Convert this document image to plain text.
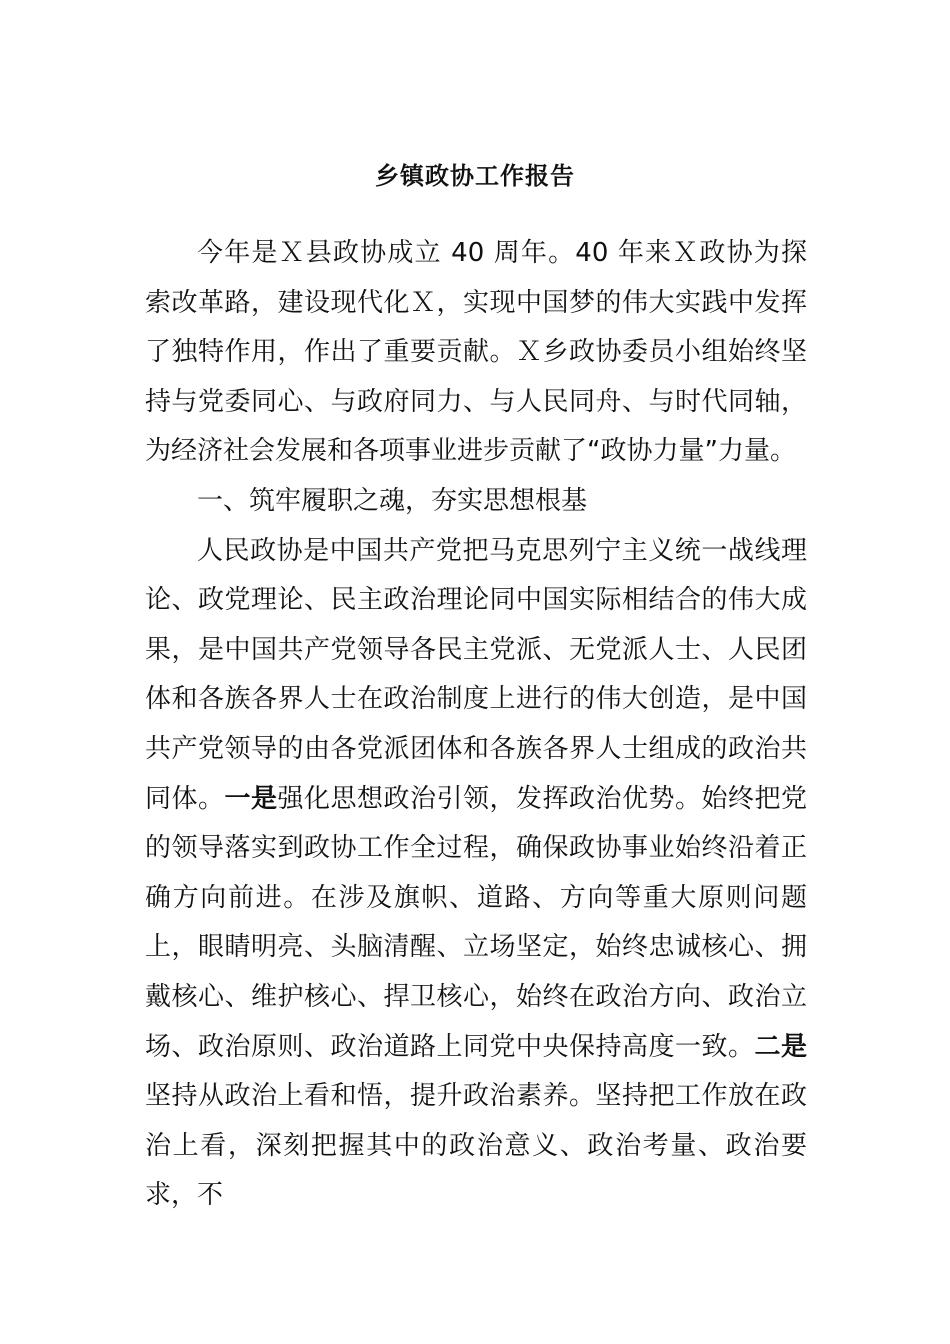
乡镇政协工作报告

今年是Ｘ县政协成立 40 周年。40 年来Ｘ政协为探索改革路，建设现代化Ｘ，实现中国梦的伟大实践中发挥了独特作用，作出了重要贡献。Ｘ乡政协委员小组始终坚持与党委同心、与政府同力、与人民同舟、与时代同轴，为经济社会发展和各项事业进步贡献了“政协力量”力量。

一、筑牢履职之魂，夯实思想根基

人民政协是中国共产党把马克思列宁主义统一战线理论、政党理论、民主政治理论同中国实际相结合的伟大成果，是中国共产党领导各民主党派、无党派人士、人民团体和各族各界人士在政治制度上进行的伟大创造，是中国共产党领导的由各党派团体和各族各界人士组成的政治共同体。一是强化思想政治引领，发挥政治优势。始终把党的领导落实到政协工作全过程，确保政协事业始终沿着正确方向前进。在涉及旗帜、道路、方向等重大原则问题上，眼睛明亮、头脑清醒、立场坚定，始终忠诚核心、拥戴核心、维护核心、捍卫核心，始终在政治方向、政治立场、政治原则、政治道路上同党中央保持高度一致。二是坚持从政治上看和悟，提升政治素养。坚持把工作放在政治上看，深刻把握其中的政治意义、政治考量、政治要求，不
